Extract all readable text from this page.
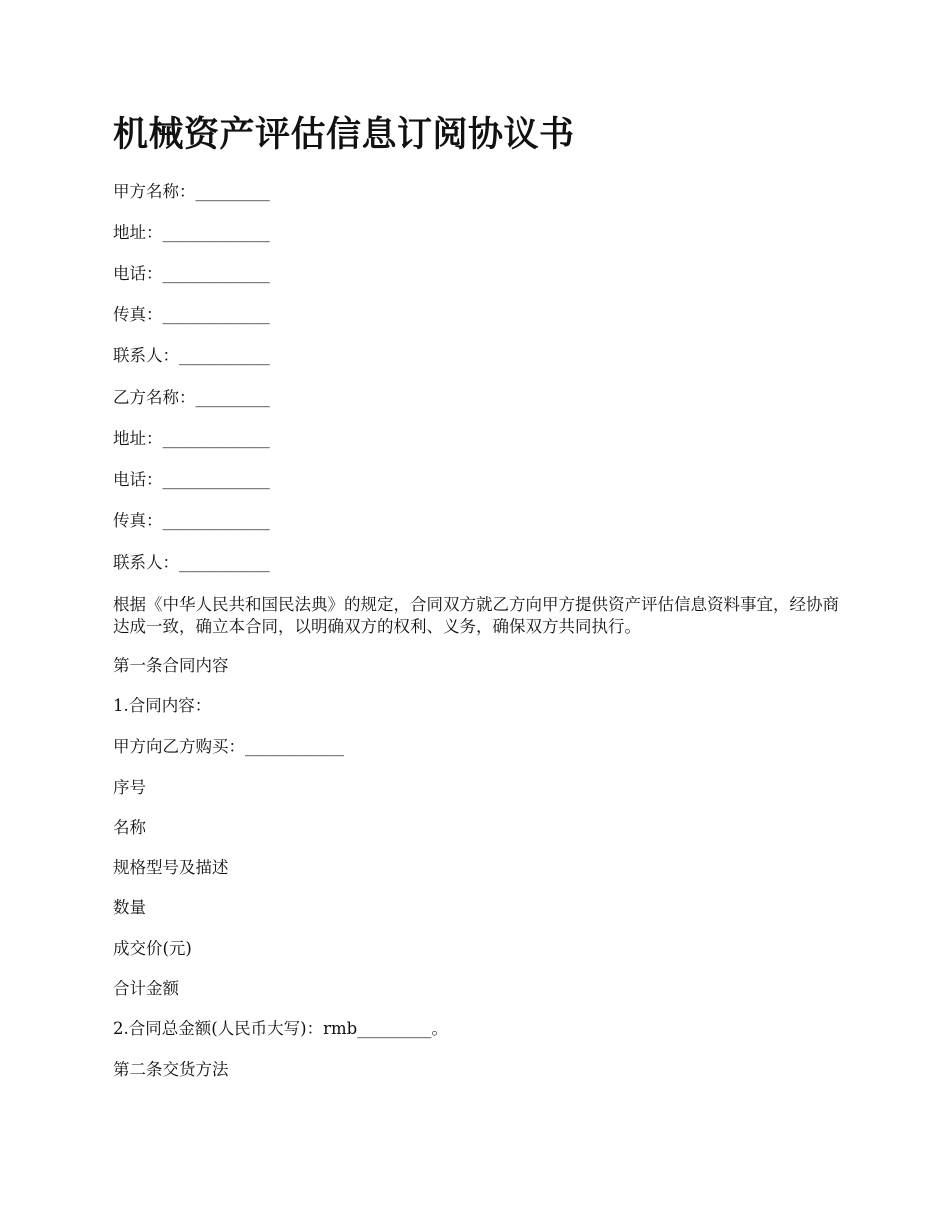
机械资产评估信息订阅协议书

甲方名称：_________

地址：_____________

电话：_____________

传真：_____________

联系人：___________

乙方名称：_________

地址：_____________

电话：_____________

传真：_____________

联系人：___________

根据《中华人民共和国民法典》的规定，合同双方就乙方向甲方提供资产评估信息资料事宜，经协商达成一致，确立本合同，以明确双方的权利、义务，确保双方共同执行。

第一条合同内容

1.合同内容：

甲方向乙方购买：____________

序号

名称

规格型号及描述

数量

成交价(元)

合计金额

2.合同总金额(人民币大写)：rmb_________。

第二条交货方法
